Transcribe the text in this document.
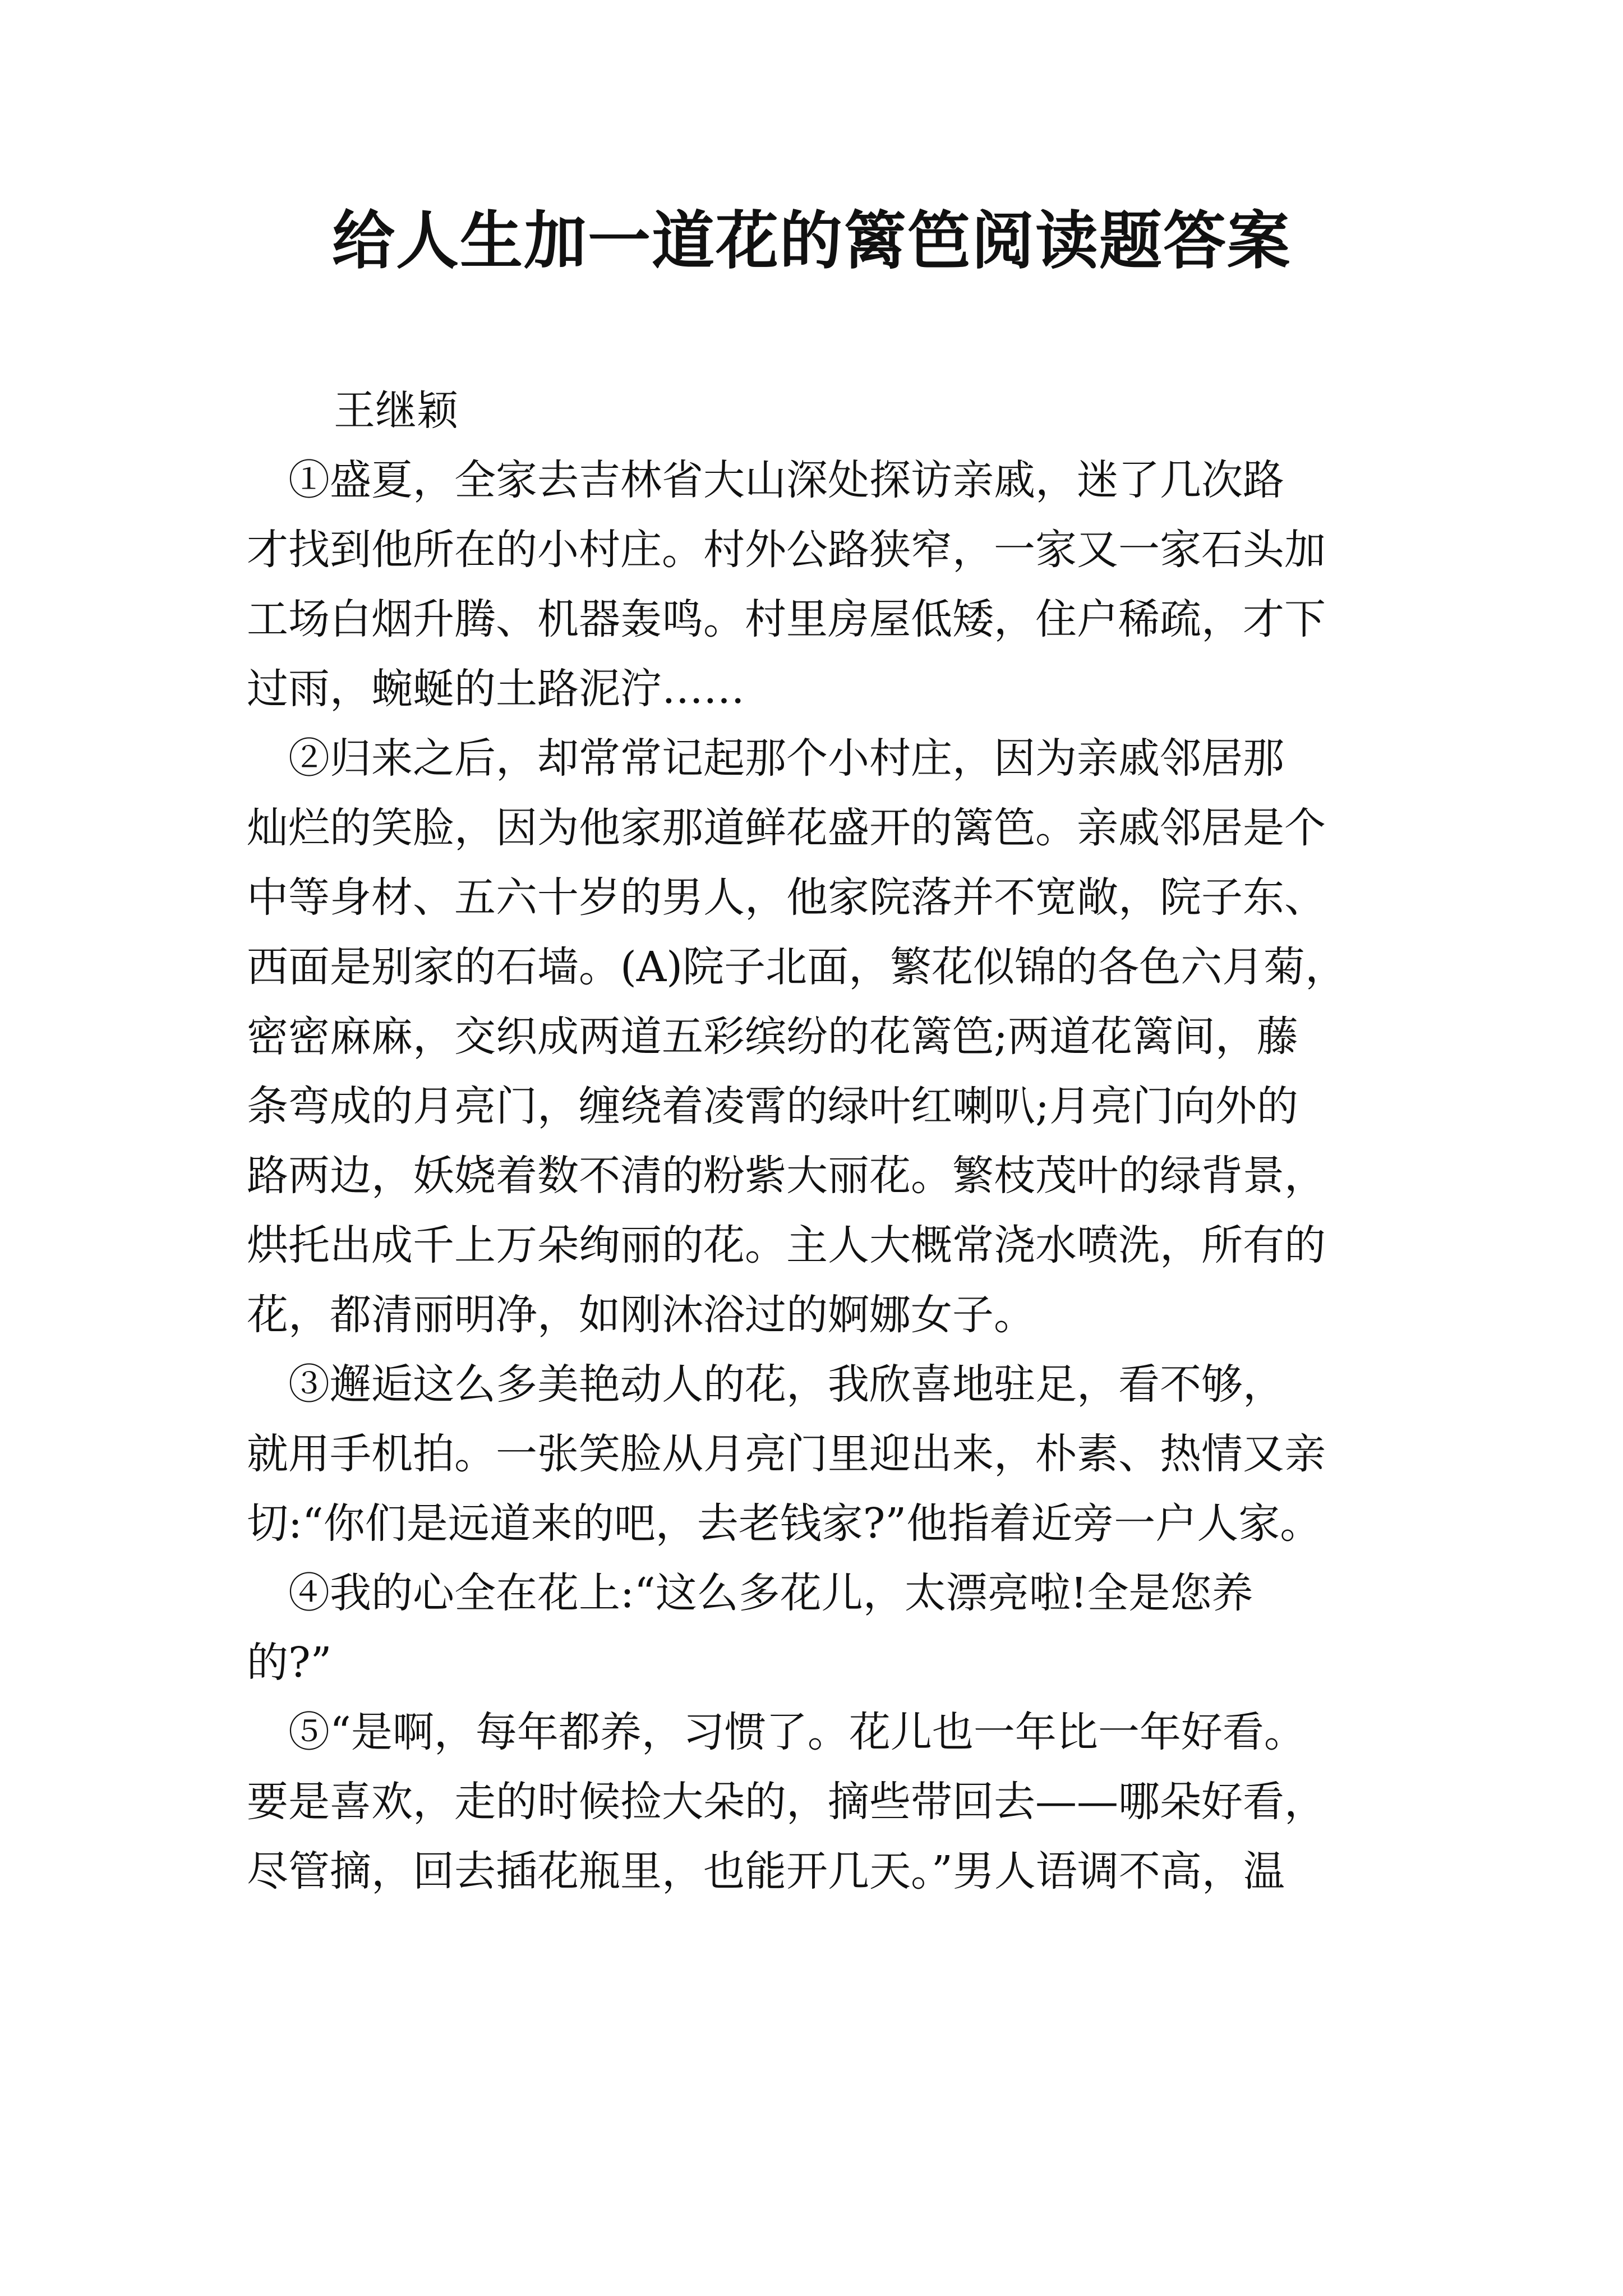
给人生加一道花的篱笆阅读题答案
王继颖
　①盛夏，全家去吉林省大山深处探访亲戚，迷了几次路
才找到他所在的小村庄。村外公路狭窄，一家又一家石头加
工场白烟升腾、机器轰鸣。村里房屋低矮，住户稀疏，才下
过雨，蜿蜒的土路泥泞……
　②归来之后，却常常记起那个小村庄，因为亲戚邻居那
灿烂的笑脸，因为他家那道鲜花盛开的篱笆。亲戚邻居是个
中等身材、五六十岁的男人，他家院落并不宽敞，院子东、
西面是别家的石墙。(A)院子北面，繁花似锦的各色六月菊，
密密麻麻，交织成两道五彩缤纷的花篱笆;两道花篱间，藤
条弯成的月亮门，缠绕着凌霄的绿叶红喇叭;月亮门向外的
路两边，妖娆着数不清的粉紫大丽花。繁枝茂叶的绿背景，
烘托出成千上万朵绚丽的花。主人大概常浇水喷洗，所有的
花，都清丽明净，如刚沐浴过的婀娜女子。
　③邂逅这么多美艳动人的花，我欣喜地驻足，看不够，
就用手机拍。一张笑脸从月亮门里迎出来，朴素、热情又亲
切:“你们是远道来的吧，去老钱家?”他指着近旁一户人家。
　④我的心全在花上:“这么多花儿，太漂亮啦!全是您养
的?”
　⑤“是啊，每年都养，习惯了。花儿也一年比一年好看。
要是喜欢，走的时候捡大朵的，摘些带回去——哪朵好看，
尽管摘，回去插花瓶里，也能开几天。”男人语调不高，温
